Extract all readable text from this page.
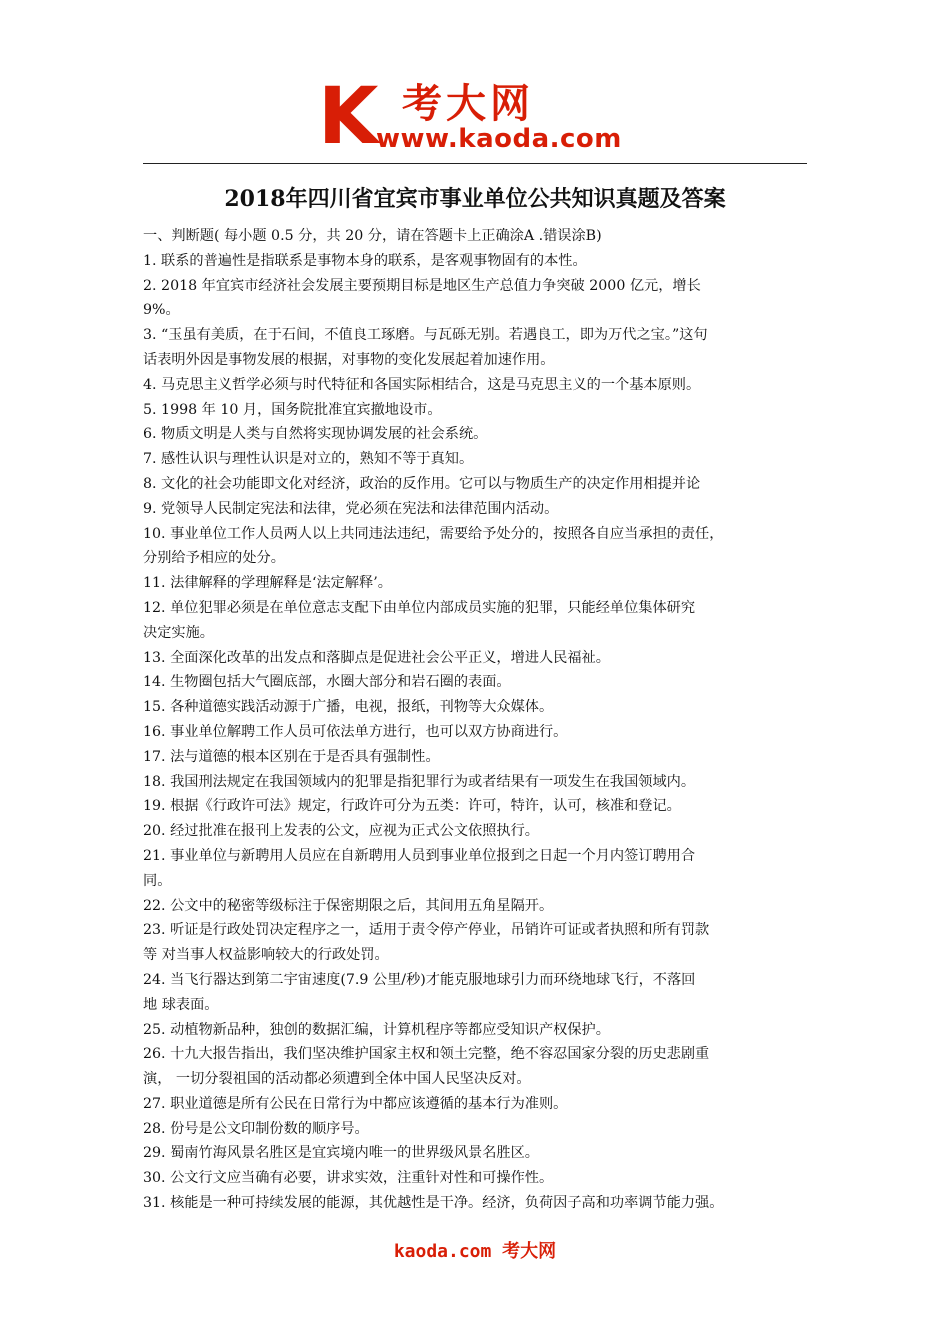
K 考大网
www.kaoda.com
2018年四川省宜宾市事业单位公共知识真题及答案
一、判断题( 每小题 0.5 分，共 20 分，请在答题卡上正确涂A .错误涂B)
1. 联系的普遍性是指联系是事物本身的联系，是客观事物固有的本性。
2. 2018 年宜宾市经济社会发展主要预期目标是地区生产总值力争突破 2000 亿元，增长
9%。
3. “玉虽有美质，在于石间，不值良工琢磨。与瓦砾无别。若遇良工，即为万代之宝。”这句
话表明外因是事物发展的根据，对事物的变化发展起着加速作用。
4. 马克思主义哲学必须与时代特征和各国实际相结合，这是马克思主义的一个基本原则。
5. 1998 年 10 月，国务院批准宜宾撤地设市。
6. 物质文明是人类与自然将实现协调发展的社会系统。
7. 感性认识与理性认识是对立的，熟知不等于真知。
8. 文化的社会功能即文化对经济，政治的反作用。它可以与物质生产的决定作用相提并论
9. 党领导人民制定宪法和法律，党必须在宪法和法律范围内活动。
10. 事业单位工作人员两人以上共同违法违纪，需要给予处分的，按照各自应当承担的责任，
分别给予相应的处分。
11. 法律解释的学理解释是‘法定解释’。
12. 单位犯罪必须是在单位意志支配下由单位内部成员实施的犯罪，只能经单位集体研究
决定实施。
13. 全面深化改革的出发点和落脚点是促进社会公平正义，增进人民福祉。
14. 生物圈包括大气圈底部，水圈大部分和岩石圈的表面。
15. 各种道德实践活动源于广播，电视，报纸，刊物等大众媒体。
16. 事业单位解聘工作人员可依法单方进行，也可以双方协商进行。
17. 法与道德的根本区别在于是否具有强制性。
18. 我国刑法规定在我国领域内的犯罪是指犯罪行为或者结果有一项发生在我国领域内。
19. 根据《行政许可法》规定，行政许可分为五类：许可，特许，认可，核准和登记。
20. 经过批准在报刊上发表的公文，应视为正式公文依照执行。
21. 事业单位与新聘用人员应在自新聘用人员到事业单位报到之日起一个月内签订聘用合
同。
22. 公文中的秘密等级标注于保密期限之后，其间用五角星隔开。
23. 听证是行政处罚决定程序之一，适用于责令停产停业，吊销许可证或者执照和所有罚款
等 对当事人权益影响较大的行政处罚。
24. 当飞行器达到第二宇宙速度(7.9 公里/秒)才能克服地球引力而环绕地球飞行，不落回
地 球表面。
25. 动植物新品种，独创的数据汇编，计算机程序等都应受知识产权保护。
26. 十九大报告指出，我们坚决维护国家主权和领土完整，绝不容忍国家分裂的历史悲剧重
演， 一切分裂祖国的活动都必须遭到全体中国人民坚决反对。
27. 职业道德是所有公民在日常行为中都应该遵循的基本行为准则。
28. 份号是公文印制份数的顺序号。
29. 蜀南竹海风景名胜区是宜宾境内唯一的世界级风景名胜区。
30. 公文行文应当确有必要，讲求实效，注重针对性和可操作性。
31. 核能是一种可持续发展的能源，其优越性是干净。经济，负荷因子高和功率调节能力强。
kaoda.com 考大网
